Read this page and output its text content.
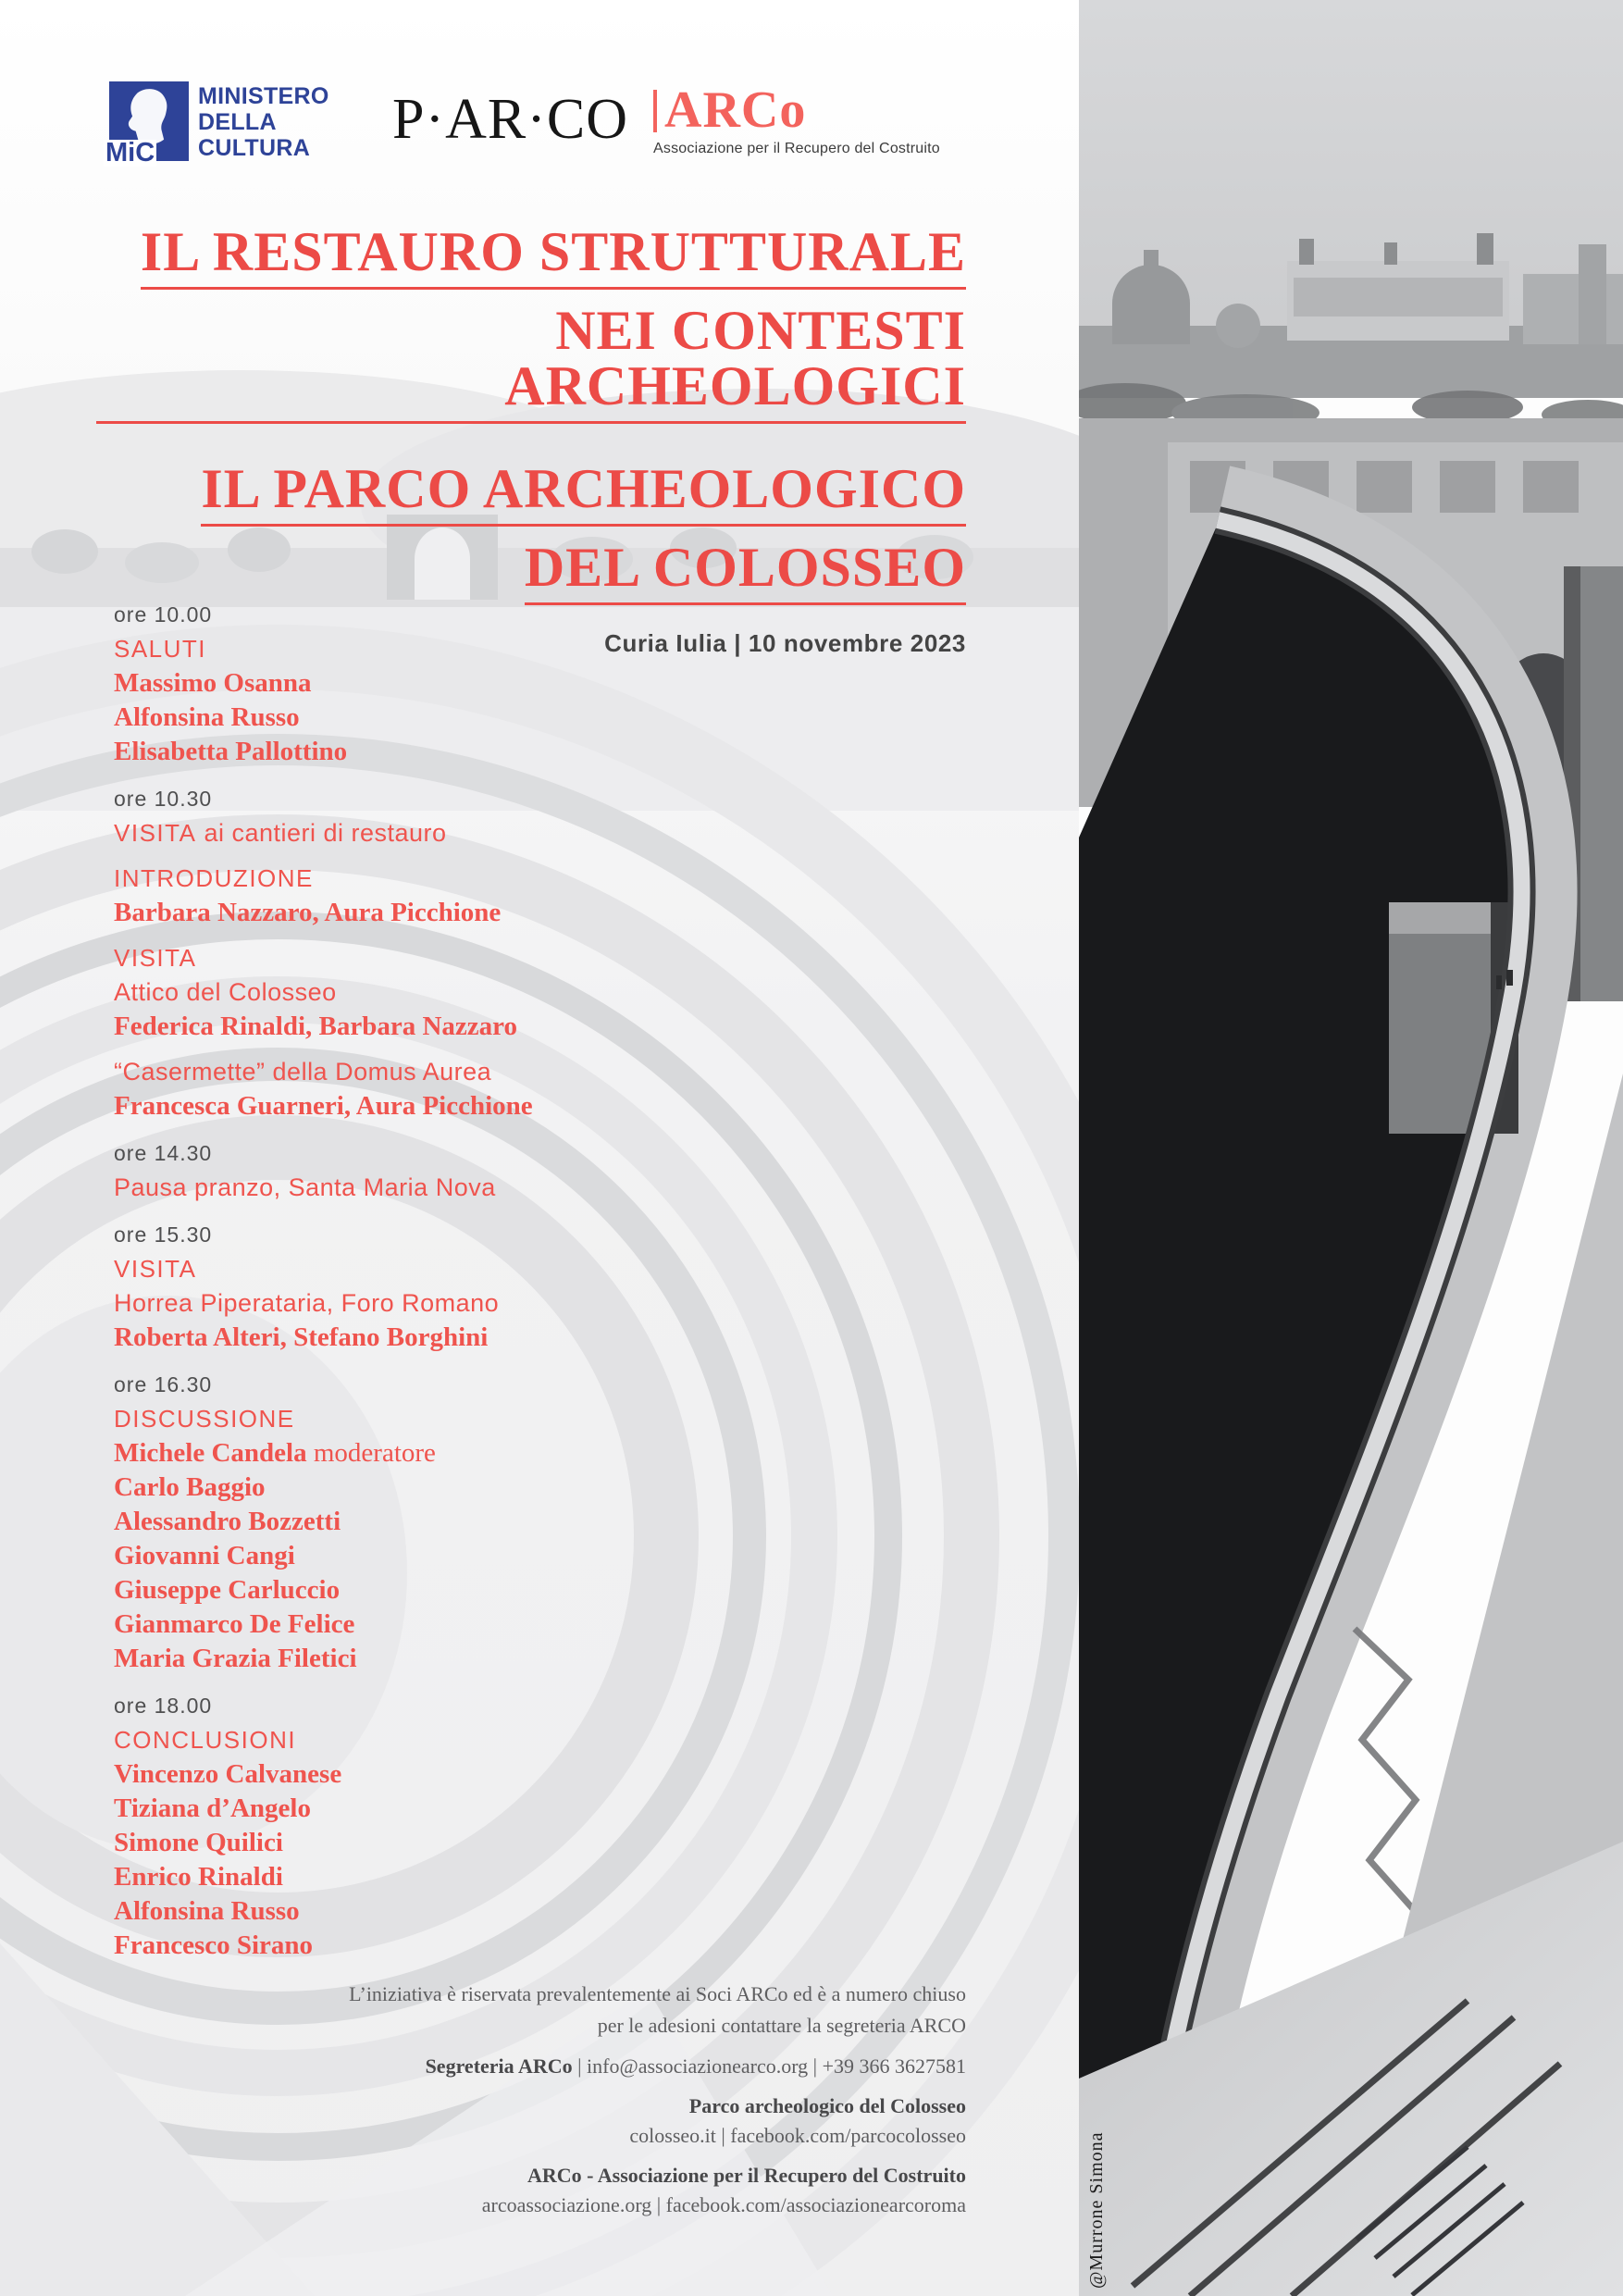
@Murrone Simona
MiC
MINISTERO
DELLA
CULTURA	P·AR·CO ARCo
Associazione per il Recupero del Costruito
IL RESTAURO STRUTTURALE
NEI CONTESTI ARCHEOLOGICI
IL PARCO ARCHEOLOGICO
DEL COLOSSEO
Curia Iulia | 10 novembre 2023
ore 10.00
SALUTI
Massimo Osanna
Alfonsina Russo
Elisabetta Pallottino
ore 10.30
VISITA ai cantieri di restauro
INTRODUZIONE
Barbara Nazzaro, Aura Picchione
VISITA
Attico del Colosseo
Federica Rinaldi, Barbara Nazzaro
“Casermette” della Domus Aurea
Francesca Guarneri, Aura Picchione
ore 14.30
Pausa pranzo, Santa Maria Nova
ore 15.30
VISITA
Horrea Piperataria, Foro Romano
Roberta Alteri, Stefano Borghini
ore 16.30
DISCUSSIONE
Michele Candela moderatore
Carlo Baggio
Alessandro Bozzetti
Giovanni Cangi
Giuseppe Carluccio
Gianmarco De Felice
Maria Grazia Filetici
ore 18.00
CONCLUSIONI
Vincenzo Calvanese
Tiziana d’Angelo
Simone Quilici
Enrico Rinaldi
Alfonsina Russo
Francesco Sirano
L’iniziativa è riservata prevalentemente ai Soci ARCo ed è a numero chiuso
per le adesioni contattare la segreteria ARCO
Segreteria ARCo | info@associazionearco.org | +39 366 3627581
Parco archeologico del Colosseo
colosseo.it | facebook.com/parcocolosseo
ARCo - Associazione per il Recupero del Costruito
arcoassociazione.org | facebook.com/associazionearcoroma
